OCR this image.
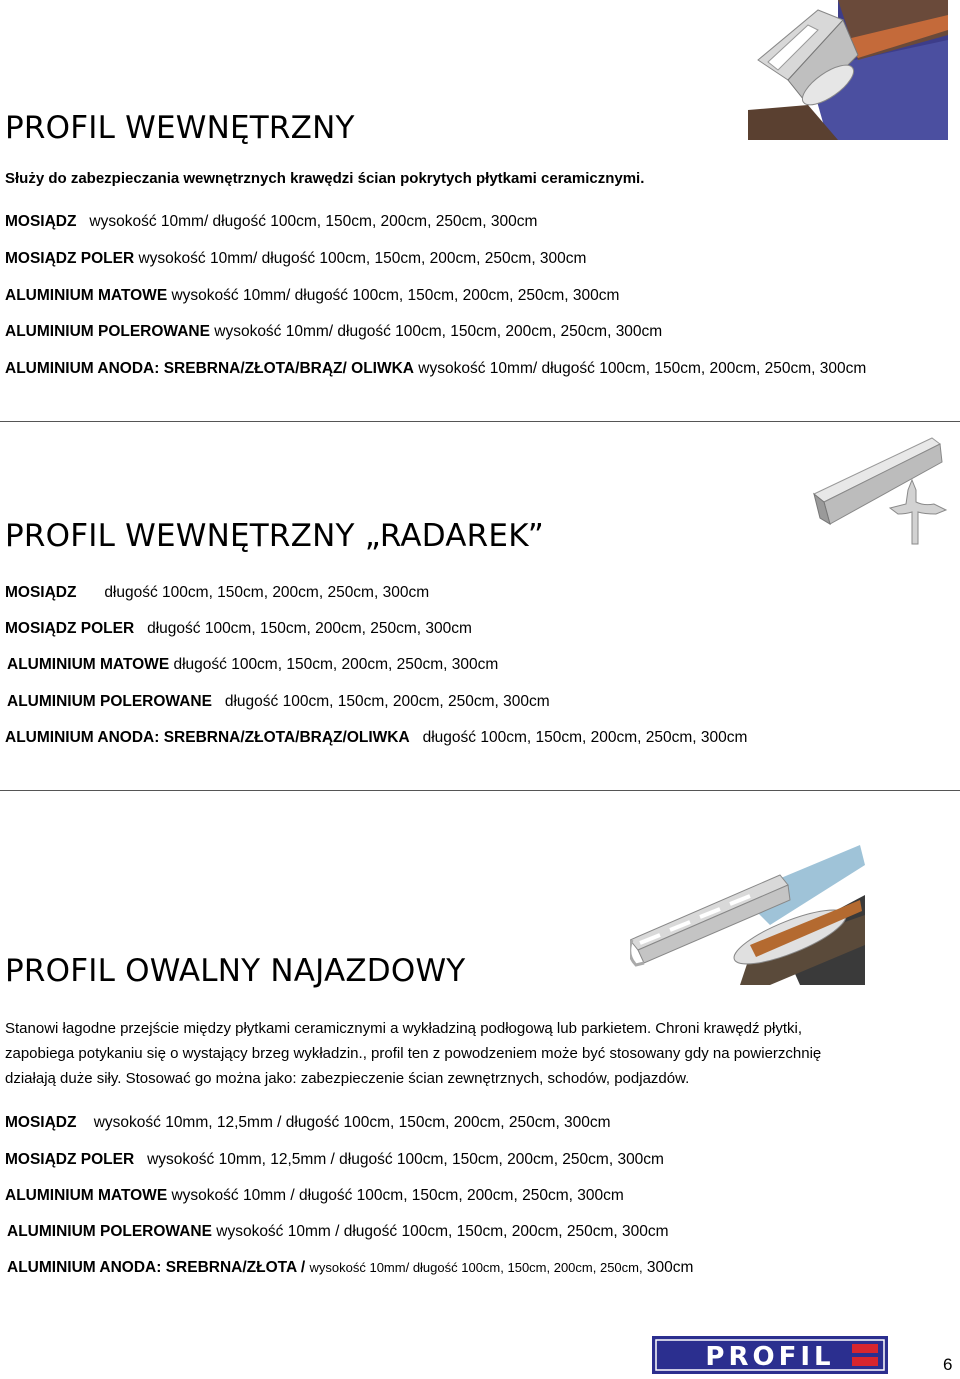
PROFIL WEWNĘTRZNY
Służy do zabezpieczania wewnętrznych krawędzi ścian pokrytych płytkami ceramicznymi.
MOSIĄDZ wysokość 10mm/ długość 100cm, 150cm, 200cm, 250cm, 300cm
MOSIĄDZ POLER wysokość 10mm/ długość 100cm, 150cm, 200cm, 250cm, 300cm
ALUMINIUM MATOWE wysokość 10mm/ długość 100cm, 150cm, 200cm, 250cm, 300cm
ALUMINIUM POLEROWANE wysokość 10mm/ długość 100cm, 150cm, 200cm, 250cm, 300cm
ALUMINIUM ANODA: SREBRNA/ZŁOTA/BRĄZ/ OLIWKA wysokość 10mm/ długość 100cm, 150cm, 200cm, 250cm, 300cm
PROFIL WEWNĘTRZNY „RADAREK”
MOSIĄDZ długość 100cm, 150cm, 200cm, 250cm, 300cm
MOSIĄDZ POLER długość 100cm, 150cm, 200cm, 250cm, 300cm
ALUMINIUM MATOWE długość 100cm, 150cm, 200cm, 250cm, 300cm
ALUMINIUM POLEROWANE długość 100cm, 150cm, 200cm, 250cm, 300cm
ALUMINIUM ANODA: SREBRNA/ZŁOTA/BRĄZ/OLIWKA długość 100cm, 150cm, 200cm, 250cm, 300cm
PROFIL OWALNY NAJAZDOWY
Stanowi łagodne przejście między płytkami ceramicznymi a wykładziną podłogową lub parkietem. Chroni krawędź płytki,
zapobiega potykaniu się o wystający brzeg wykładzin., profil ten z powodzeniem może być stosowany gdy na powierzchnię
działają duże siły. Stosować go można jako: zabezpieczenie ścian zewnętrznych, schodów, podjazdów.
MOSIĄDZ wysokość 10mm, 12,5mm / długość 100cm, 150cm, 200cm, 250cm, 300cm
MOSIĄDZ POLER wysokość 10mm, 12,5mm / długość 100cm, 150cm, 200cm, 250cm, 300cm
ALUMINIUM MATOWE wysokość 10mm / długość 100cm, 150cm, 200cm, 250cm, 300cm
ALUMINIUM POLEROWANE wysokość 10mm / długość 100cm, 150cm, 200cm, 250cm, 300cm
ALUMINIUM ANODA: SREBRNA/ZŁOTA / wysokość 10mm/ długość 100cm, 150cm, 200cm, 250cm, 300cm
PROFIL	6
